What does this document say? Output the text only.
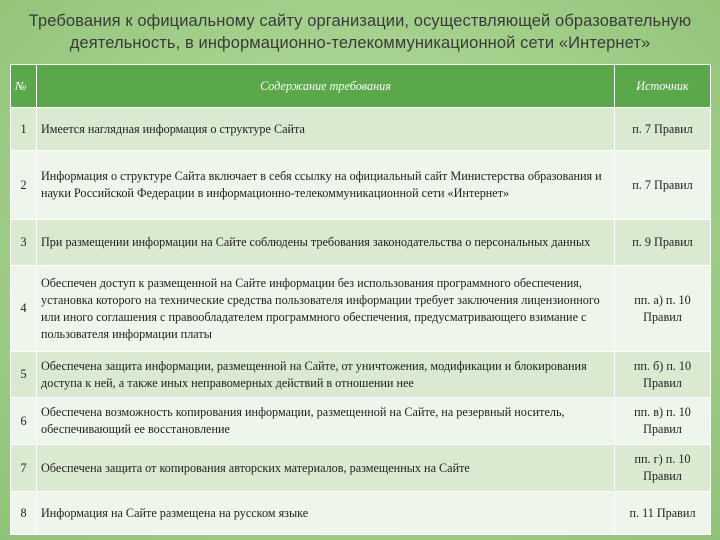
Требования к официальному сайту организации, осуществляющей образовательную
деятельность, в информационно-телекоммуникационной сети «Интернет»
№	Содержание требования	Источник
1	Имеется наглядная информация о структуре Сайта	п. 7 Правил
2	Информация о структуре Сайта включает в себя ссылку на официальный сайт Министерства образования и науки Российской Федерации в информационно-телекоммуникационной сети «Интернет»	п. 7 Правил
3	При размещении информации на Сайте соблюдены требования законодательства о персональных данных	п. 9 Правил
4	Обеспечен доступ к размещенной на Сайте информации без использования программного обеспечения, установка которого на технические средства пользователя информации требует заключения лицензионного или иного соглашения с правообладателем программного обеспечения, предусматривающего взимание с пользователя информации платы	пп. а) п. 10 Правил
5	Обеспечена защита информации, размещенной на Сайте, от уничтожения, модификации и блокирования доступа к ней, а также иных неправомерных действий в отношении нее	пп. б) п. 10 Правил
6	Обеспечена возможность копирования информации, размещенной на Сайте, на резервный носитель, обеспечивающий ее восстановление	пп. в) п. 10 Правил
7	Обеспечена защита от копирования авторских материалов, размещенных на Сайте	пп. г) п. 10 Правил
8	Информация на Сайте размещена на русском языке	п. 11 Правил
